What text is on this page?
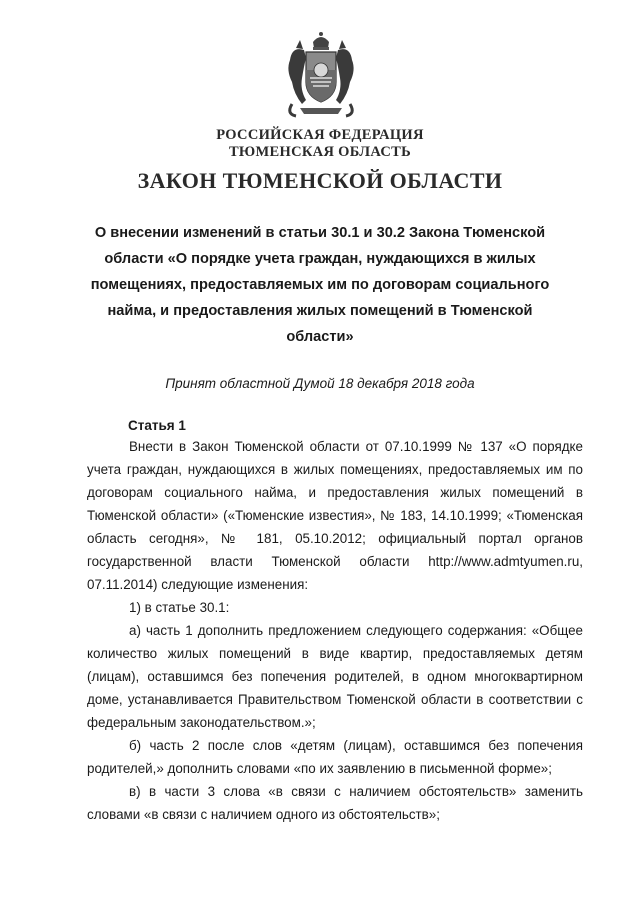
РОССИЙСКАЯ ФЕДЕРАЦИЯ
ТЮМЕНСКАЯ ОБЛАСТЬ
ЗАКОН ТЮМЕНСКОЙ ОБЛАСТИ
О внесении изменений в статьи 30.1 и 30.2 Закона Тюменской области «О порядке учета граждан, нуждающихся в жилых помещениях, предоставляемых им по договорам социального найма, и предоставления жилых помещений в Тюменской области»
Принят областной Думой 18 декабря 2018 года
Статья 1

Внести в Закон Тюменской области от 07.10.1999 № 137 «О порядке учета граждан, нуждающихся в жилых помещениях, предоставляемых им по договорам социального найма, и предоставления жилых помещений в Тюменской области» («Тюменские известия», № 183, 14.10.1999; «Тюменская область сегодня», № 181, 05.10.2012; официальный портал органов государственной власти Тюменской области http://www.admtyumen.ru, 07.11.2014) следующие изменения:

1) в статье 30.1:

а) часть 1 дополнить предложением следующего содержания: «Общее количество жилых помещений в виде квартир, предоставляемых детям (лицам), оставшимся без попечения родителей, в одном многоквартирном доме, устанавливается Правительством Тюменской области в соответствии с федеральным законодательством.»;

б) часть 2 после слов «детям (лицам), оставшимся без попечения родителей,» дополнить словами «по их заявлению в письменной форме»;

в) в части 3 слова «в связи с наличием обстоятельств» заменить словами «в связи с наличием одного из обстоятельств»;
